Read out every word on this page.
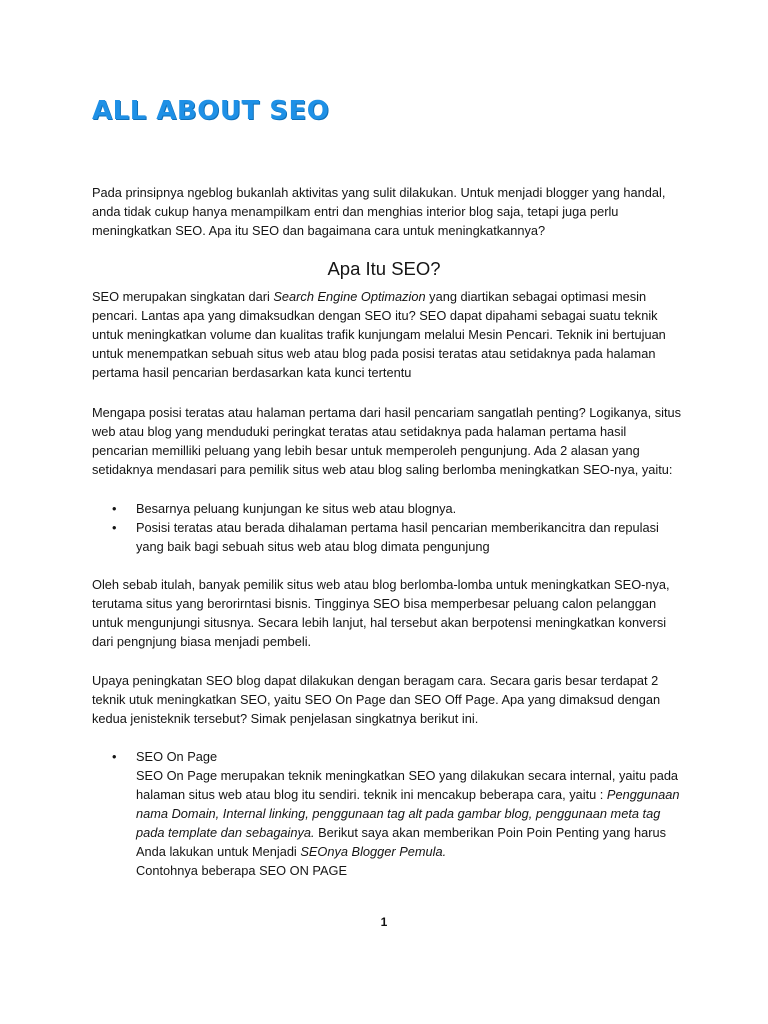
ALL ABOUT SEO

Pada prinsipnya ngeblog bukanlah aktivitas yang sulit dilakukan. Untuk menjadi blogger yang handal, anda tidak cukup hanya menampilkam entri dan menghias interior blog saja, tetapi juga perlu meningkatkan SEO. Apa itu SEO dan bagaimana cara untuk meningkatkannya?

Apa Itu SEO?

SEO merupakan singkatan dari Search Engine Optimazion yang diartikan sebagai optimasi mesin pencari. Lantas apa yang dimaksudkan dengan SEO itu? SEO dapat dipahami sebagai suatu teknik untuk meningkatkan volume dan kualitas trafik kunjungam melalui Mesin Pencari. Teknik ini bertujuan untuk menempatkan sebuah situs web atau blog pada posisi teratas atau setidaknya pada halaman pertama hasil pencarian berdasarkan kata kunci tertentu

Mengapa posisi teratas atau halaman pertama dari hasil pencariam sangatlah penting? Logikanya, situs web atau blog yang menduduki peringkat teratas atau setidaknya pada halaman pertama hasil pencarian memilliki peluang yang lebih besar untuk memperoleh pengunjung. Ada 2 alasan yang setidaknya mendasari para pemilik situs web atau blog saling berlomba meningkatkan SEO-nya, yaitu:

•	Besarnya peluang kunjungan ke situs web atau blognya.
•	Posisi teratas atau berada dihalaman pertama hasil pencarian memberikancitra dan repulasi yang baik bagi sebuah situs web atau blog dimata pengunjung

Oleh sebab itulah, banyak pemilik situs web atau blog berlomba-lomba untuk meningkatkan SEO-nya, terutama situs yang berorirntasi bisnis. Tingginya SEO bisa memperbesar peluang calon pelanggan untuk mengunjungi situsnya. Secara lebih lanjut, hal tersebut akan berpotensi meningkatkan konversi dari pengnjung biasa menjadi pembeli.

Upaya peningkatan SEO blog dapat dilakukan dengan beragam cara. Secara garis besar terdapat 2 teknik utuk meningkatkan SEO, yaitu SEO On Page dan SEO Off Page. Apa yang dimaksud dengan kedua jenisteknik tersebut? Simak penjelasan singkatnya berikut ini.

•	SEO On Page
SEO On Page merupakan teknik meningkatkan SEO yang dilakukan secara internal, yaitu pada halaman situs web atau blog itu sendiri. teknik ini mencakup beberapa cara, yaitu : Penggunaan nama Domain, Internal linking, penggunaan tag alt pada gambar blog, penggunaan meta tag pada template dan sebagainya. Berikut saya akan memberikan Poin Poin Penting yang harus Anda lakukan untuk Menjadi SEOnya Blogger Pemula.
Contohnya beberapa SEO ON PAGE
1
